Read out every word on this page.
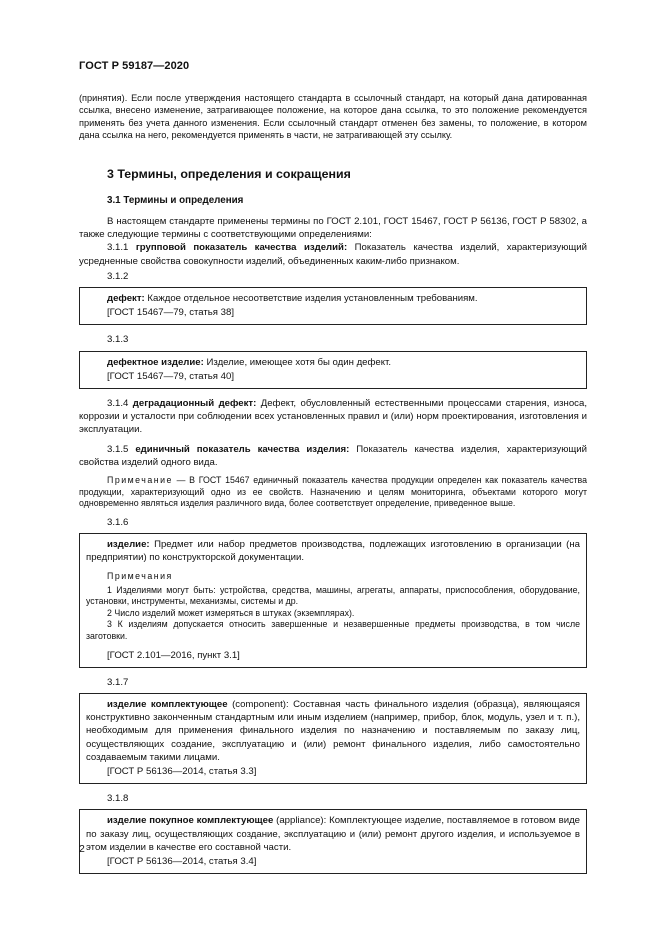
ГОСТ Р 59187—2020

(принятия). Если после утверждения настоящего стандарта в ссылочный стандарт, на который дана датированная ссылка, внесено изменение, затрагивающее положение, на которое дана ссылка, то это положение рекомендуется применять без учета данного изменения. Если ссылочный стандарт отменен без замены, то положение, в котором дана ссылка на него, рекомендуется применять в части, не затрагивающей эту ссылку.

3 Термины, определения и сокращения
3.1 Термины и определения

В настоящем стандарте применены термины по ГОСТ 2.101, ГОСТ 15467, ГОСТ Р 56136, ГОСТ Р 58302, а также следующие термины с соответствующими определениями:

3.1.1 групповой показатель качества изделий: Показатель качества изделий, характеризующий усредненные свойства совокупности изделий, объединенных каким-либо признаком.

3.1.2

дефект: Каждое отдельное несоответствие изделия установленным требованиям.

[ГОСТ 15467—79, статья 38]
3.1.3

дефектное изделие: Изделие, имеющее хотя бы один дефект.

[ГОСТ 15467—79, статья 40]

3.1.4 деградационный дефект: Дефект, обусловленный естественными процессами старения, износа, коррозии и усталости при соблюдении всех установленных правил и (или) норм проектирования, изготовления и эксплуатации.

3.1.5 единичный показатель качества изделия: Показатель качества изделия, характеризующий свойства изделий одного вида.

Примечание — В ГОСТ 15467 единичный показатель качества продукции определен как показатель качества продукции, характеризующий одно из ее свойств. Назначению и целям мониторинга, объектами которого могут одновременно являться изделия различного вида, более соответствует определение, приведенное выше.

3.1.6

изделие: Предмет или набор предметов производства, подлежащих изготовлению в организации (на предприятии) по конструкторской документации.

Примечания

1 Изделиями могут быть: устройства, средства, машины, агрегаты, аппараты, приспособления, оборудование, установки, инструменты, механизмы, системы и др.

2 Число изделий может измеряться в штуках (экземплярах).

3 К изделиям допускается относить завершенные и незавершенные предметы производства, в том числе заготовки.

[ГОСТ 2.101—2016, пункт 3.1]
3.1.7

изделие комплектующее (component): Составная часть финального изделия (образца), являющаяся конструктивно законченным стандартным или иным изделием (например, прибор, блок, модуль, узел и т. п.), необходимым для применения финального изделия по назначению и поставляемым по заказу лиц, осуществляющих создание, эксплуатацию и (или) ремонт финального изделия, либо самостоятельно создаваемым такими лицами.

[ГОСТ Р 56136—2014, статья 3.3]
3.1.8

изделие покупное комплектующее (appliance): Комплектующее изделие, поставляемое в готовом виде по заказу лиц, осуществляющих создание, эксплуатацию и (или) ремонт другого изделия, и используемое в этом изделии в качестве его составной части.

[ГОСТ Р 56136—2014, статья 3.4]
2
